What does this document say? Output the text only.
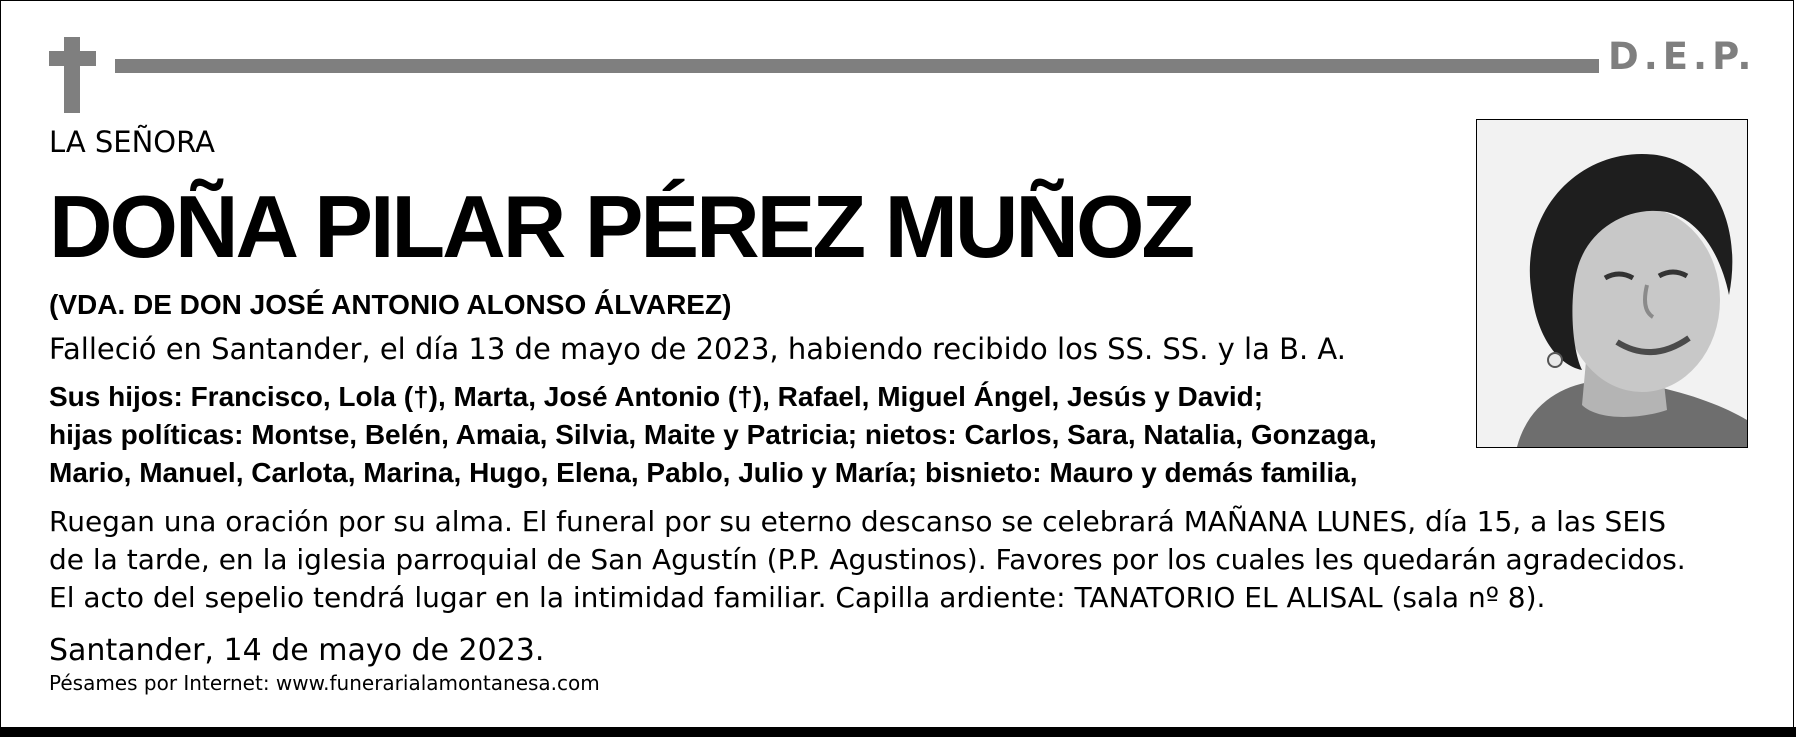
D.E.P.
LA SEÑORA
DOÑA PILAR PÉREZ MUÑOZ
(VDA. DE DON JOSÉ ANTONIO ALONSO ÁLVAREZ)
Falleció en Santander, el día 13 de mayo de 2023, habiendo recibido los SS. SS. y la B. A.
Sus hijos: Francisco, Lola (†), Marta, José Antonio (†), Rafael, Miguel Ángel, Jesús y David;
hijas políticas: Montse, Belén, Amaia, Silvia, Maite y Patricia; nietos: Carlos, Sara, Natalia, Gonzaga,
Mario, Manuel, Carlota, Marina, Hugo, Elena, Pablo, Julio y María; bisnieto: Mauro y demás familia,
Ruegan una oración por su alma. El funeral por su eterno descanso se celebrará MAÑANA LUNES, día 15, a las SEIS
de la tarde, en la iglesia parroquial de San Agustín (P.P. Agustinos). Favores por los cuales les quedarán agradecidos.
El acto del sepelio tendrá lugar en la intimidad familiar. Capilla ardiente: TANATORIO EL ALISAL (sala nº 8).
Santander, 14 de mayo de 2023.
Pésames por Internet: www.funerarialamontanesa.com
